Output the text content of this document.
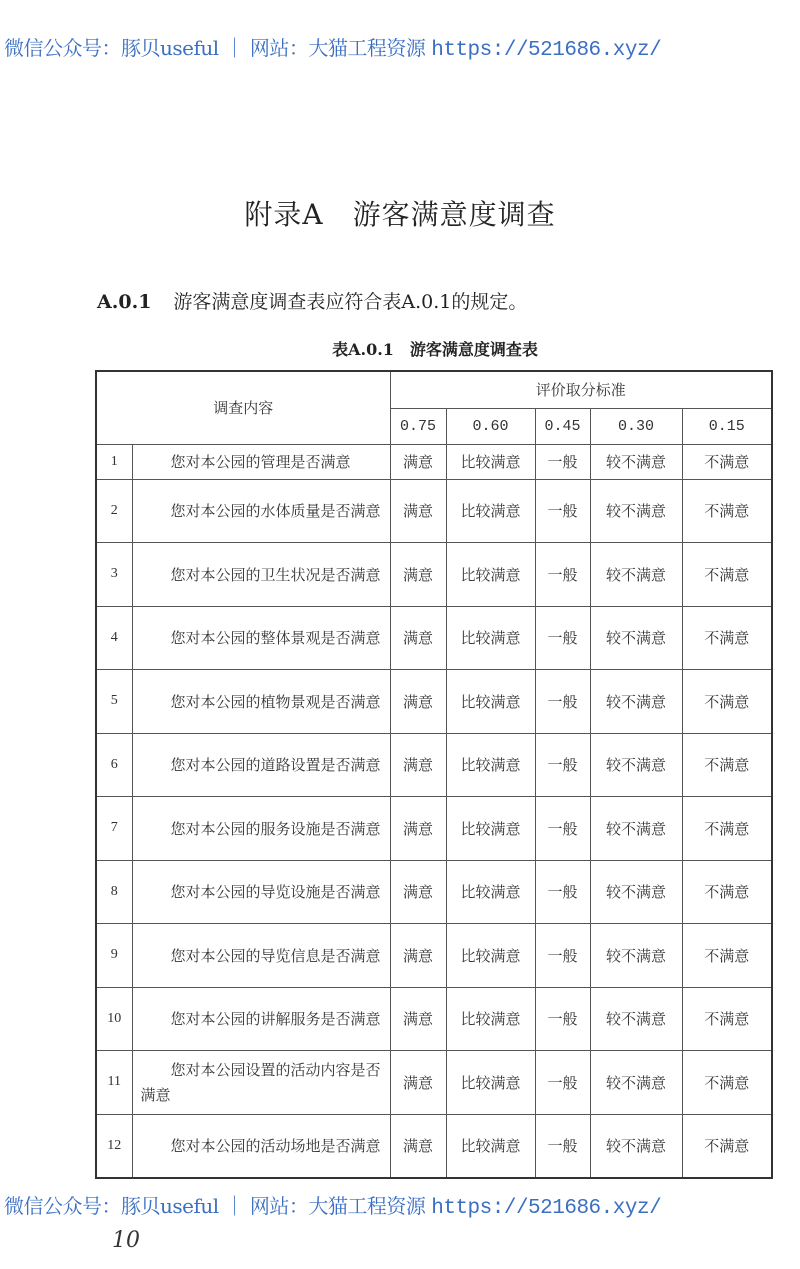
微信公众号：豚贝useful ｜ 网站：大猫工程资源 https://521686.xyz/
附录A　游客满意度调查
A.0.1 游客满意度调查表应符合表A.0.1的规定。
表A.0.1　游客满意度调查表
调查内容		评价取分标准				
		0.75	0.60	0.45	0.30	0.15
1	您对本公园的管理是否满意	满意	比较满意	一般	较不满意	不满意
2	您对本公园的水体质量是否满意	满意	比较满意	一般	较不满意	不满意
3	您对本公园的卫生状况是否满意	满意	比较满意	一般	较不满意	不满意
4	您对本公园的整体景观是否满意	满意	比较满意	一般	较不满意	不满意
5	您对本公园的植物景观是否满意	满意	比较满意	一般	较不满意	不满意
6	您对本公园的道路设置是否满意	满意	比较满意	一般	较不满意	不满意
7	您对本公园的服务设施是否满意	满意	比较满意	一般	较不满意	不满意
8	您对本公园的导览设施是否满意	满意	比较满意	一般	较不满意	不满意
9	您对本公园的导览信息是否满意	满意	比较满意	一般	较不满意	不满意
10	您对本公园的讲解服务是否满意	满意	比较满意	一般	较不满意	不满意
11	您对本公园设置的活动内容是否满意	满意	比较满意	一般	较不满意	不满意
12	您对本公园的活动场地是否满意	满意	比较满意	一般	较不满意	不满意
微信公众号：豚贝useful ｜ 网站：大猫工程资源 https://521686.xyz/
10
